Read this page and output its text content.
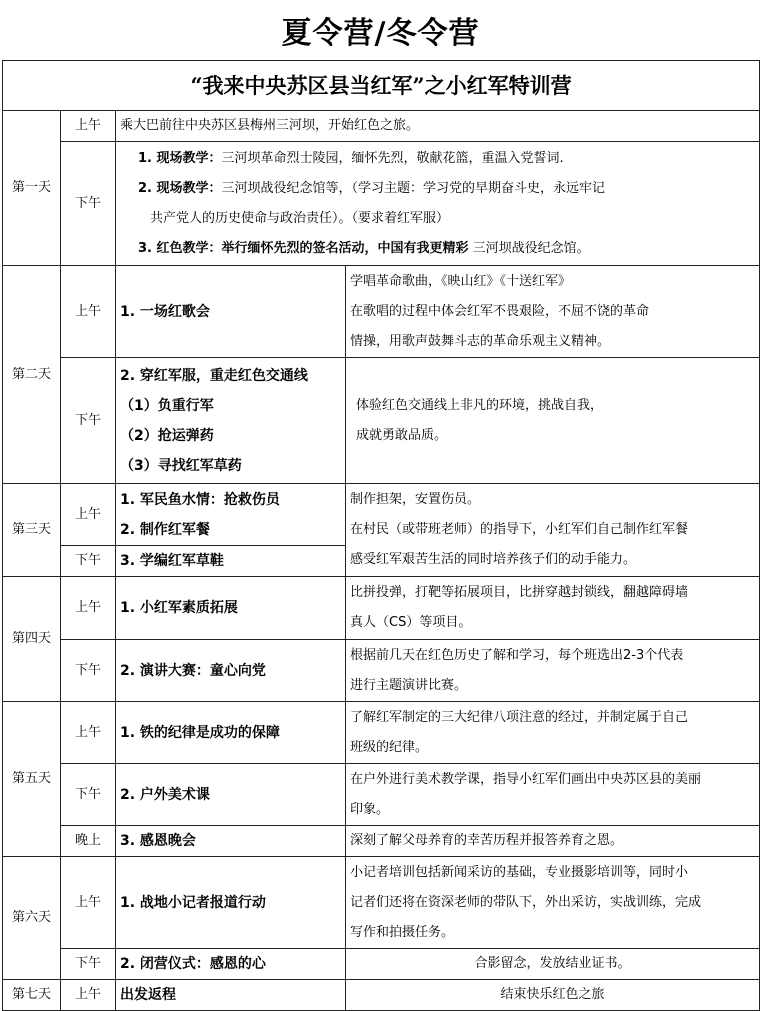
夏令营/冬令营
“我来中央苏区县当红军”之小红军特训营			
第一天	上午	乘大巴前往中央苏区县梅州三河坝，开始红色之旅。	
	下午	1. 现场教学：三河坝革命烈士陵园，缅怀先烈，敬献花篮，重温入党誓词.
2. 现场教学：三河坝战役纪念馆等，（学习主题：学习党的早期奋斗史，永远牢记
共产党人的历史使命与政治责任）。（要求着红军服）
3. 红色教学：举行缅怀先烈的签名活动，中国有我更精彩 三河坝战役纪念馆。	

第二天	上午	1. 一场红歌会	学唱革命歌曲，《映山红》《十送红军》
在歌唱的过程中体会红军不畏艰险，不屈不饶的革命
情操，用歌声鼓舞斗志的革命乐观主义精神。

	下午	2. 穿红军服，重走红色交通线
（1）负重行军
（2）抢运弹药
（3）寻找红军草药	体验红色交通线上非凡的环境，挑战自我，
成就勇敢品质。

第三天	上午	1. 军民鱼水情：抢救伤员
2. 制作红军餐	制作担架，安置伤员。
在村民（或带班老师）的指导下，小红军们自己制作红军餐
感受红军艰苦生活的同时培养孩子们的动手能力。

	下午	3. 学编红军草鞋	
第四天	上午	1. 小红军素质拓展	比拼投弹，打靶等拓展项目，比拼穿越封锁线，翻越障碍墙
真人（CS）等项目。

	下午	2. 演讲大赛：童心向党	根据前几天在红色历史了解和学习，每个班选出2-3个代表
进行主题演讲比赛。

第五天	上午	1. 铁的纪律是成功的保障	了解红军制定的三大纪律八项注意的经过，并制定属于自己
班级的纪律。

	下午	2. 户外美术课	在户外进行美术教学课，指导小红军们画出中央苏区县的美丽
印象。

	晚上	3. 感恩晚会	深刻了解父母养育的幸苦历程并报答养育之恩。
第六天	上午	1. 战地小记者报道行动	小记者培训包括新闻采访的基础，专业摄影培训等，同时小
记者们还将在资深老师的带队下，外出采访，实战训练，完成
写作和拍摄任务。

	下午	2. 闭营仪式：感恩的心	合影留念，发放结业证书。
第七天	上午	出发返程	结束快乐红色之旅
